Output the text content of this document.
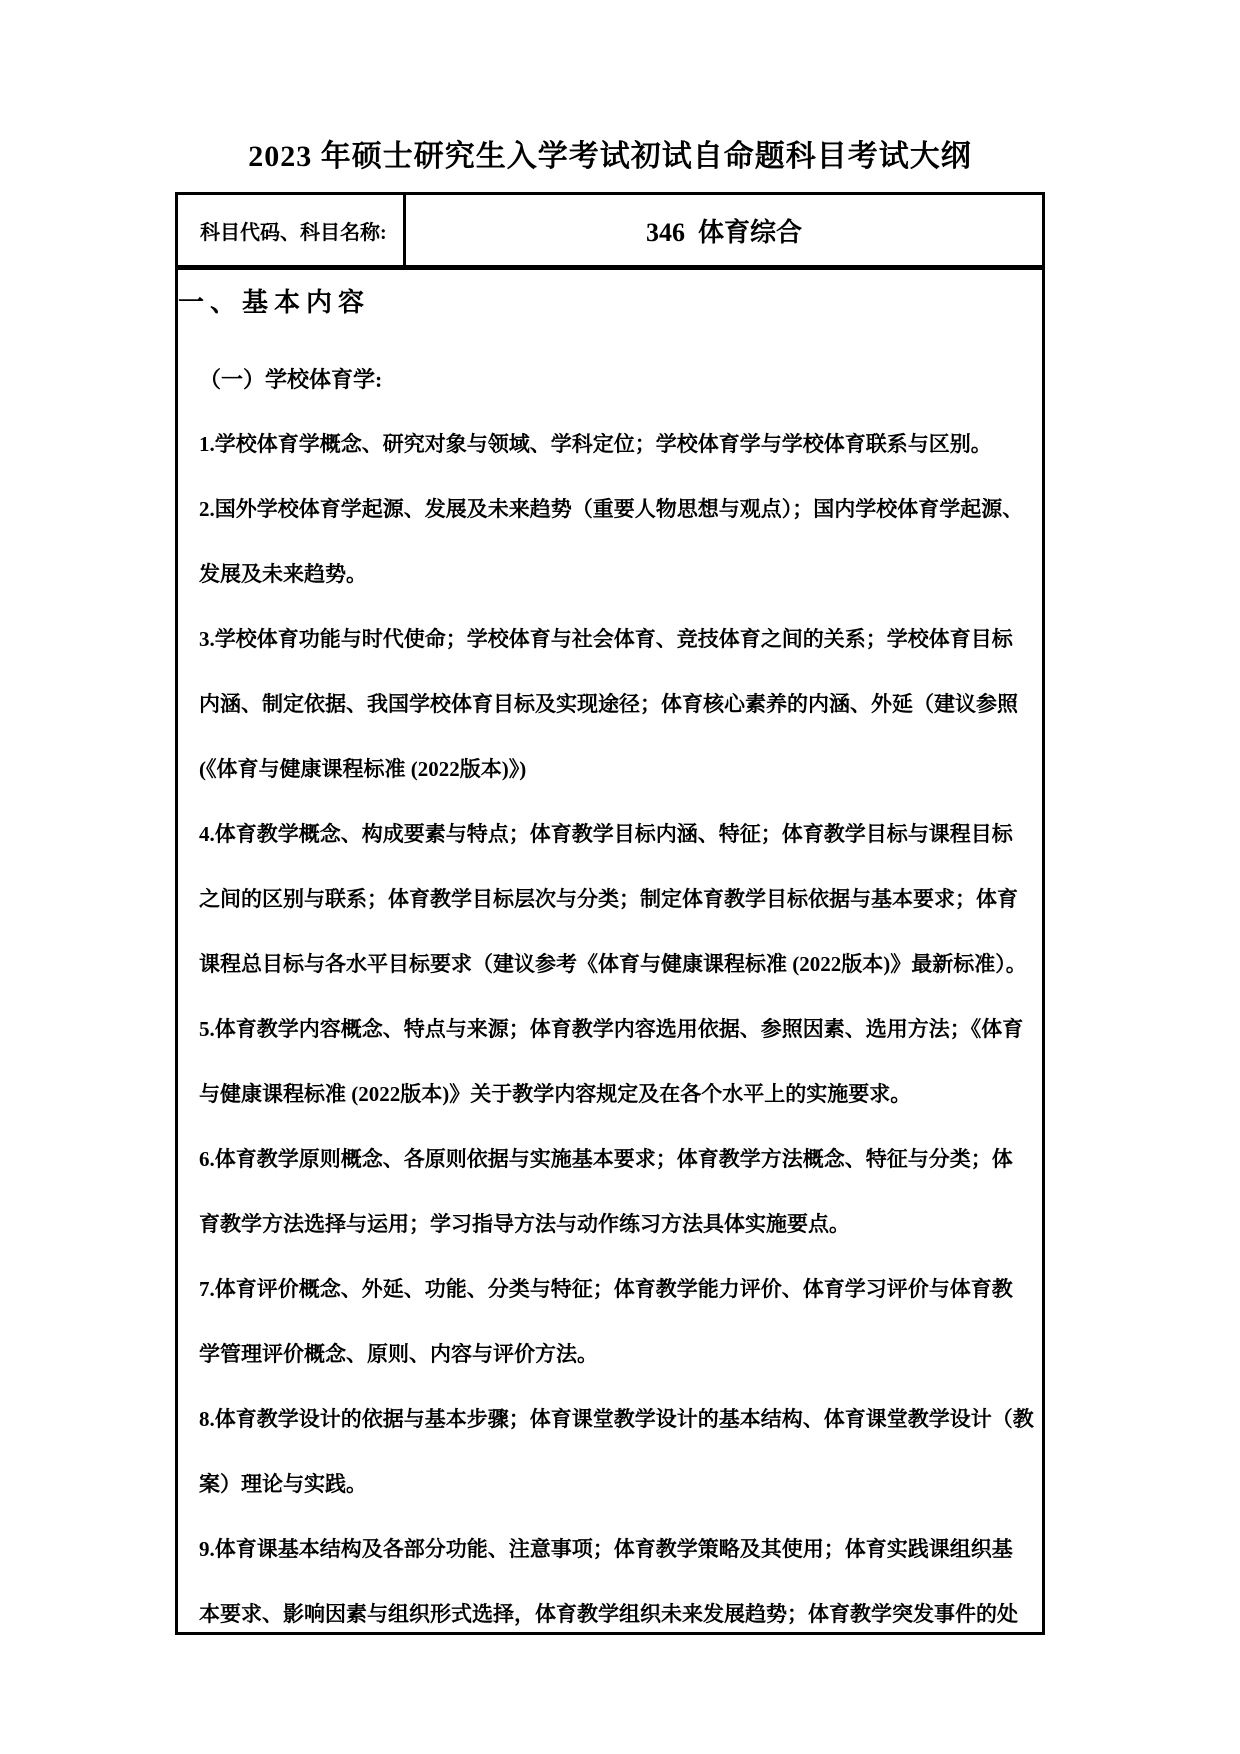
2023 年硕士研究生入学考试初试自命题科目考试大纲
科目代码、科目名称:	346  体育综合
一、基本内容
（一）学校体育学:
1.学校体育学概念、研究对象与领域、学科定位；学校体育学与学校体育联系与区别。
2.国外学校体育学起源、发展及未来趋势（重要人物思想与观点）；国内学校体育学起源、
发展及未来趋势。
3.学校体育功能与时代使命；学校体育与社会体育、竞技体育之间的关系；学校体育目标
内涵、制定依据、我国学校体育目标及实现途径；体育核心素养的内涵、外延（建议参照
(《体育与健康课程标准 (2022版本)》)
4.体育教学概念、构成要素与特点；体育教学目标内涵、特征；体育教学目标与课程目标
之间的区别与联系；体育教学目标层次与分类；制定体育教学目标依据与基本要求；体育
课程总目标与各水平目标要求（建议参考《体育与健康课程标准 (2022版本)》最新标准）。
5.体育教学内容概念、特点与来源；体育教学内容选用依据、参照因素、选用方法；《体育
与健康课程标准 (2022版本)》关于教学内容规定及在各个水平上的实施要求。
6.体育教学原则概念、各原则依据与实施基本要求；体育教学方法概念、特征与分类；体
育教学方法选择与运用；学习指导方法与动作练习方法具体实施要点。
7.体育评价概念、外延、功能、分类与特征；体育教学能力评价、体育学习评价与体育教
学管理评价概念、原则、内容与评价方法。
8.体育教学设计的依据与基本步骤；体育课堂教学设计的基本结构、体育课堂教学设计（教
案）理论与实践。
9.体育课基本结构及各部分功能、注意事项；体育教学策略及其使用；体育实践课组织基
本要求、影响因素与组织形式选择，体育教学组织未来发展趋势；体育教学突发事件的处
